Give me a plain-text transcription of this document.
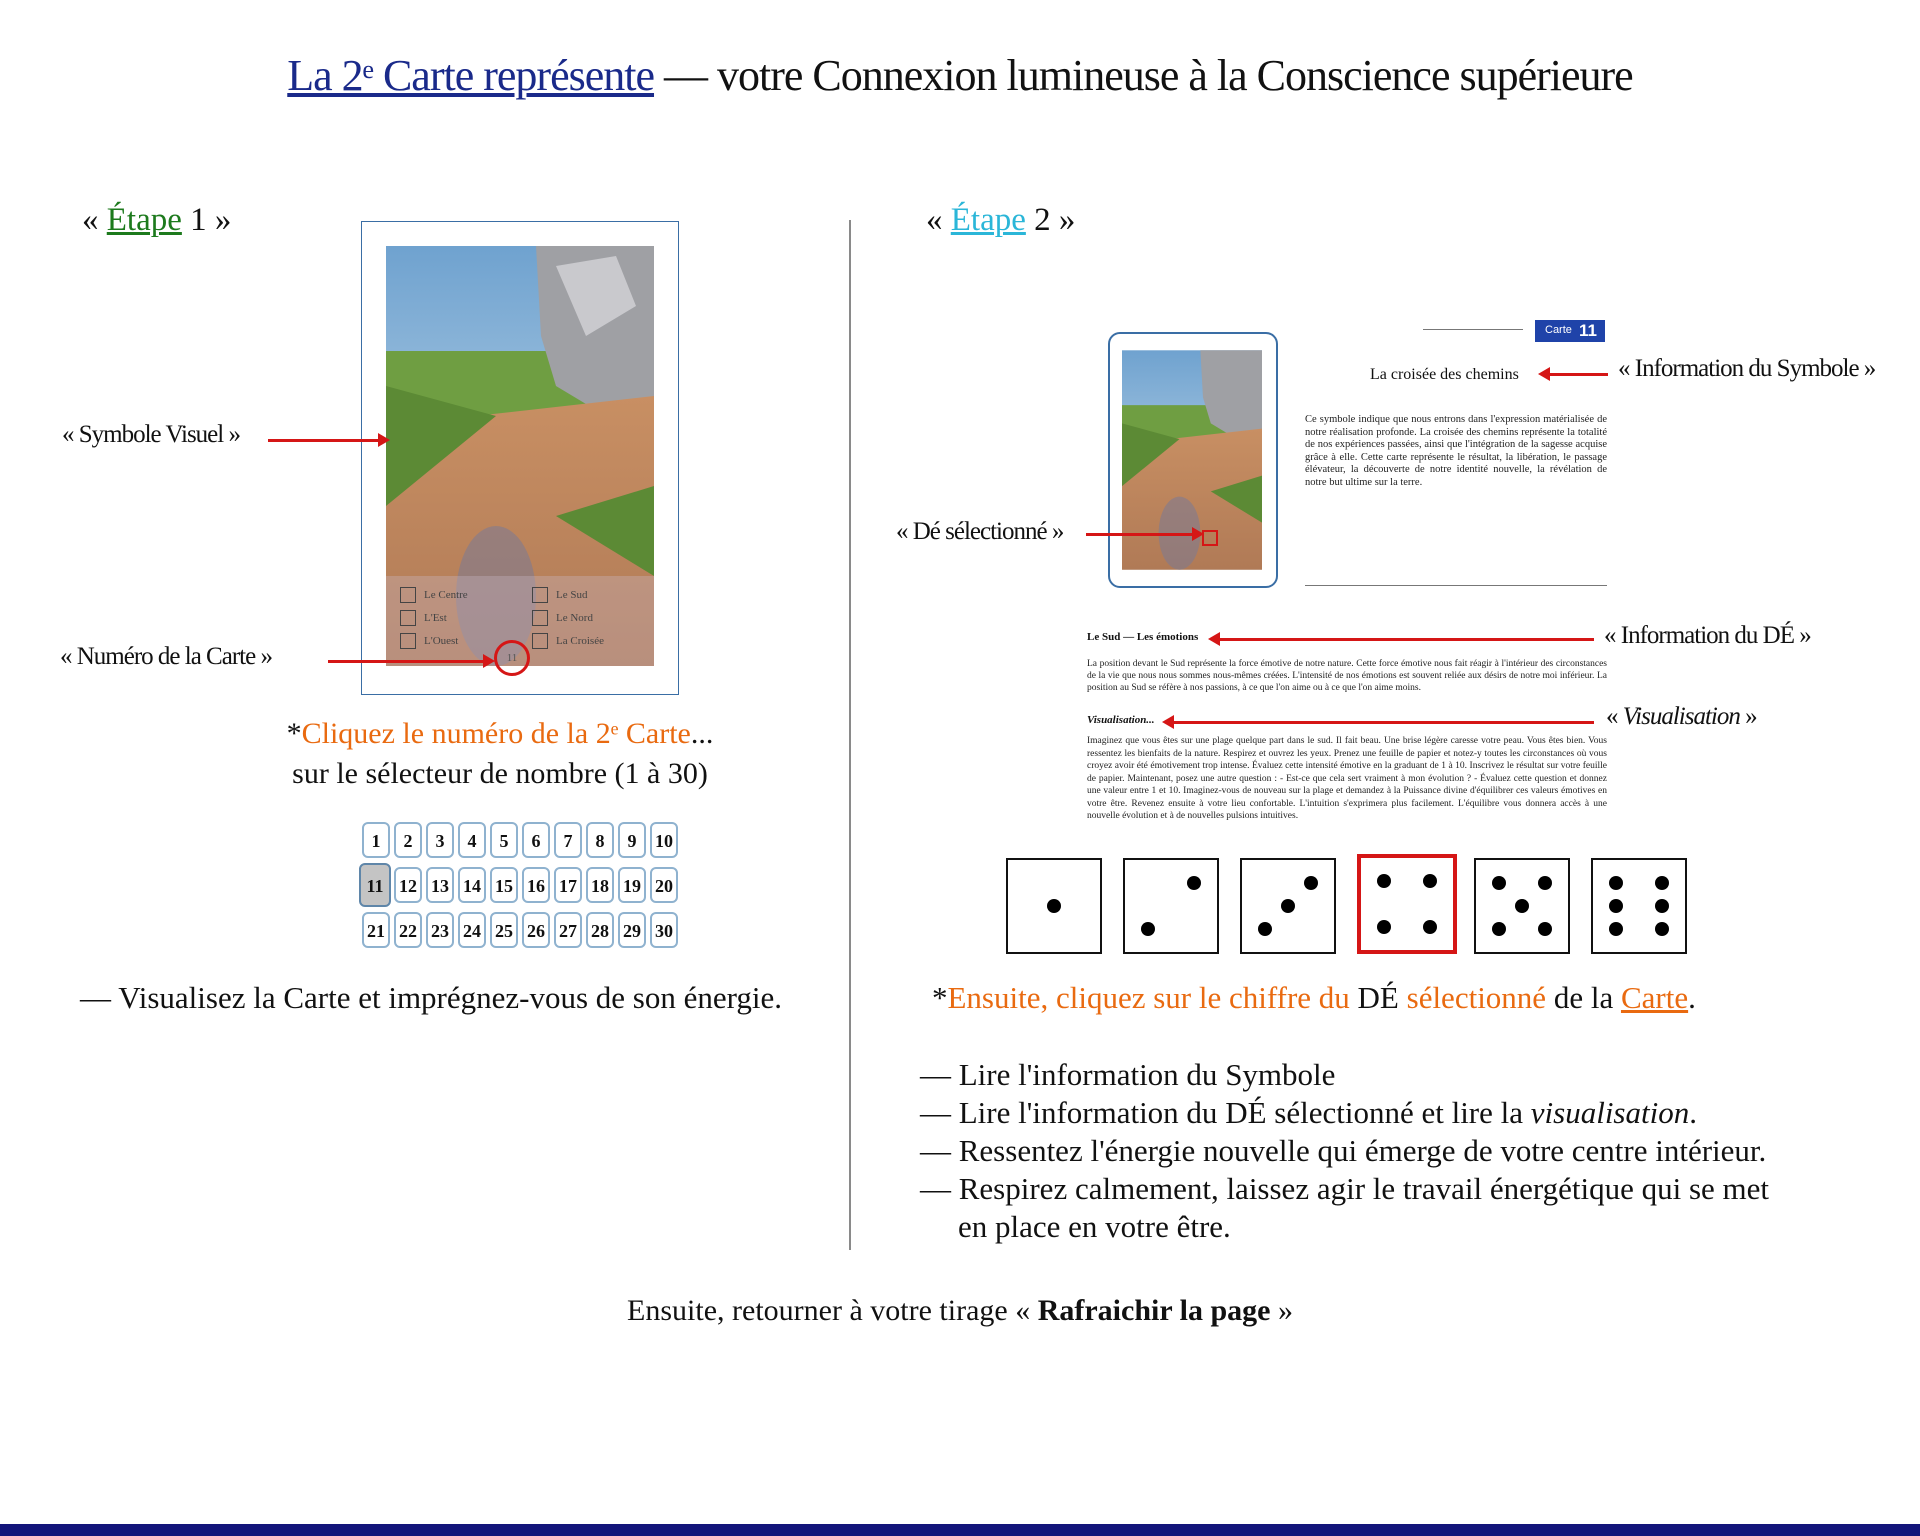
La 2ᵉ Carte représente — votre Connexion lumineuse à la Conscience supérieure
« Étape 1 »
Le Centre
L'Est
L'Ouest
Le Sud
Le Nord
La Croisée
11
« Symbole Visuel »
« Numéro de la Carte »
*Cliquez le numéro de la 2ᵉ Carte...
sur le sélecteur de nombre (1 à 30)
1	2	3	4	5	6	7	8	9	10
11 12 13 14 15 16 17 18 19 20
21 22 23 24 25 26 27 28 29 30
— Visualisez la Carte et imprégnez-vous de son énergie.
« Étape 2 »
Carte 11
La croisée des chemins
Ce symbole indique que nous entrons dans l'expression matérialisée de notre réalisation profonde. La croisée des chemins représente la totalité de nos expériences passées, ainsi que l'intégration de la sagesse acquise grâce à elle. Cette carte représente le résultat, la libération, le passage élévateur, la découverte de notre identité nouvelle, la révélation de notre but ultime sur la terre.
« Information du Symbole »
« Dé sélectionné »
Le Sud — Les émotions
La position devant le Sud représente la force émotive de notre nature. Cette force émotive nous fait réagir à l'intérieur des circonstances de la vie que nous nous sommes nous-mêmes créées. L'intensité de nos émotions est souvent reliée aux désirs de notre moi inférieur. La position au Sud se réfère à nos passions, à ce que l'on aime ou à ce que l'on aime moins.
« Information du DÉ »
Visualisation...
Imaginez que vous êtes sur une plage quelque part dans le sud. Il fait beau. Une brise légère caresse votre peau. Vous êtes bien. Vous ressentez les bienfaits de la nature. Respirez et ouvrez les yeux. Prenez une feuille de papier et notez-y toutes les circonstances où vous croyez avoir été émotivement trop intense. Évaluez cette intensité émotive en la graduant de 1 à 10. Inscrivez le résultat sur votre feuille de papier. Maintenant, posez une autre question : - Est-ce que cela sert vraiment à mon évolution ? - Évaluez cette question et donnez une valeur entre 1 et 10. Imaginez-vous de nouveau sur la plage et demandez à la Puissance divine d'équilibrer ces valeurs émotives en votre être. Revenez ensuite à votre lieu confortable. L'intuition s'exprimera plus facilement. L'équilibre vous donnera accès à une nouvelle évolution et à de nouvelles pulsions intuitives.
« Visualisation »
*Ensuite, cliquez sur le chiffre du DÉ sélectionné de la Carte.
— Lire l'information du Symbole
— Lire l'information du DÉ sélectionné et lire la visualisation.
— Ressentez l'énergie nouvelle qui émerge de votre centre intérieur.
— Respirez calmement, laissez agir le travail énergétique qui se met
en place en votre être.
Ensuite, retourner à votre tirage « Rafraichir la page »
